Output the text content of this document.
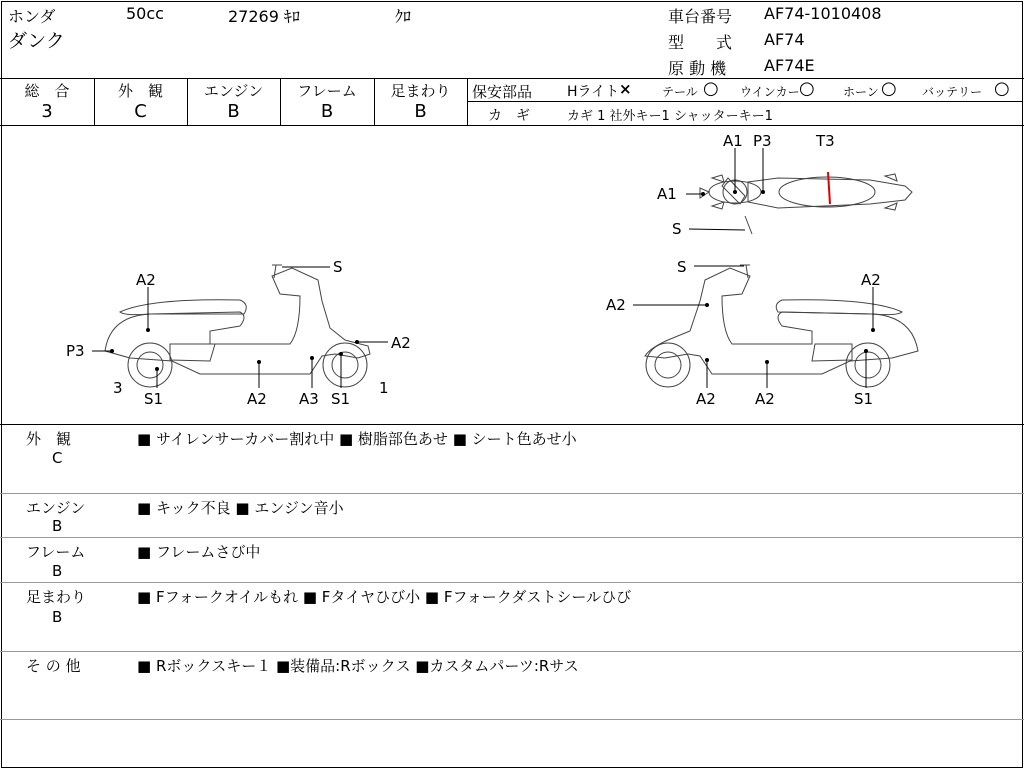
ホンダ	50cc	27269 ｷﾛ	ｸﾛ
ダンク
車台番号 AF74-1010408
型　　式 AF74
原 動 機 AF74E
総　合
3
外　観
C
エンジン
B
フレーム
B
足まわり
B
保安部品 Hライト ×	テール ○ ウインカー ○ ホーン ○ バッテリー ○
カ　ギ	カギ 1 社外キー1 シャッターキー1
A1 P3	T3
A1
S
A2
S
P3	A2
3	1
S1	A2 A3 S1
S
A2
A2
A2	A2	S1
外　観
C
■ サイレンサーカバー割れ中 ■ 樹脂部色あせ ■ シート色あせ小
エンジン
B
■ キック不良 ■ エンジン音小
フレーム
B
■ フレームさび中
足まわり
B
■ Fフォークオイルもれ ■ Fタイヤひび小 ■ Fフォークダストシールひび
そ の 他	■ Rボックスキー１ ■装備品:Rボックス ■カスタムパーツ:Rサス
